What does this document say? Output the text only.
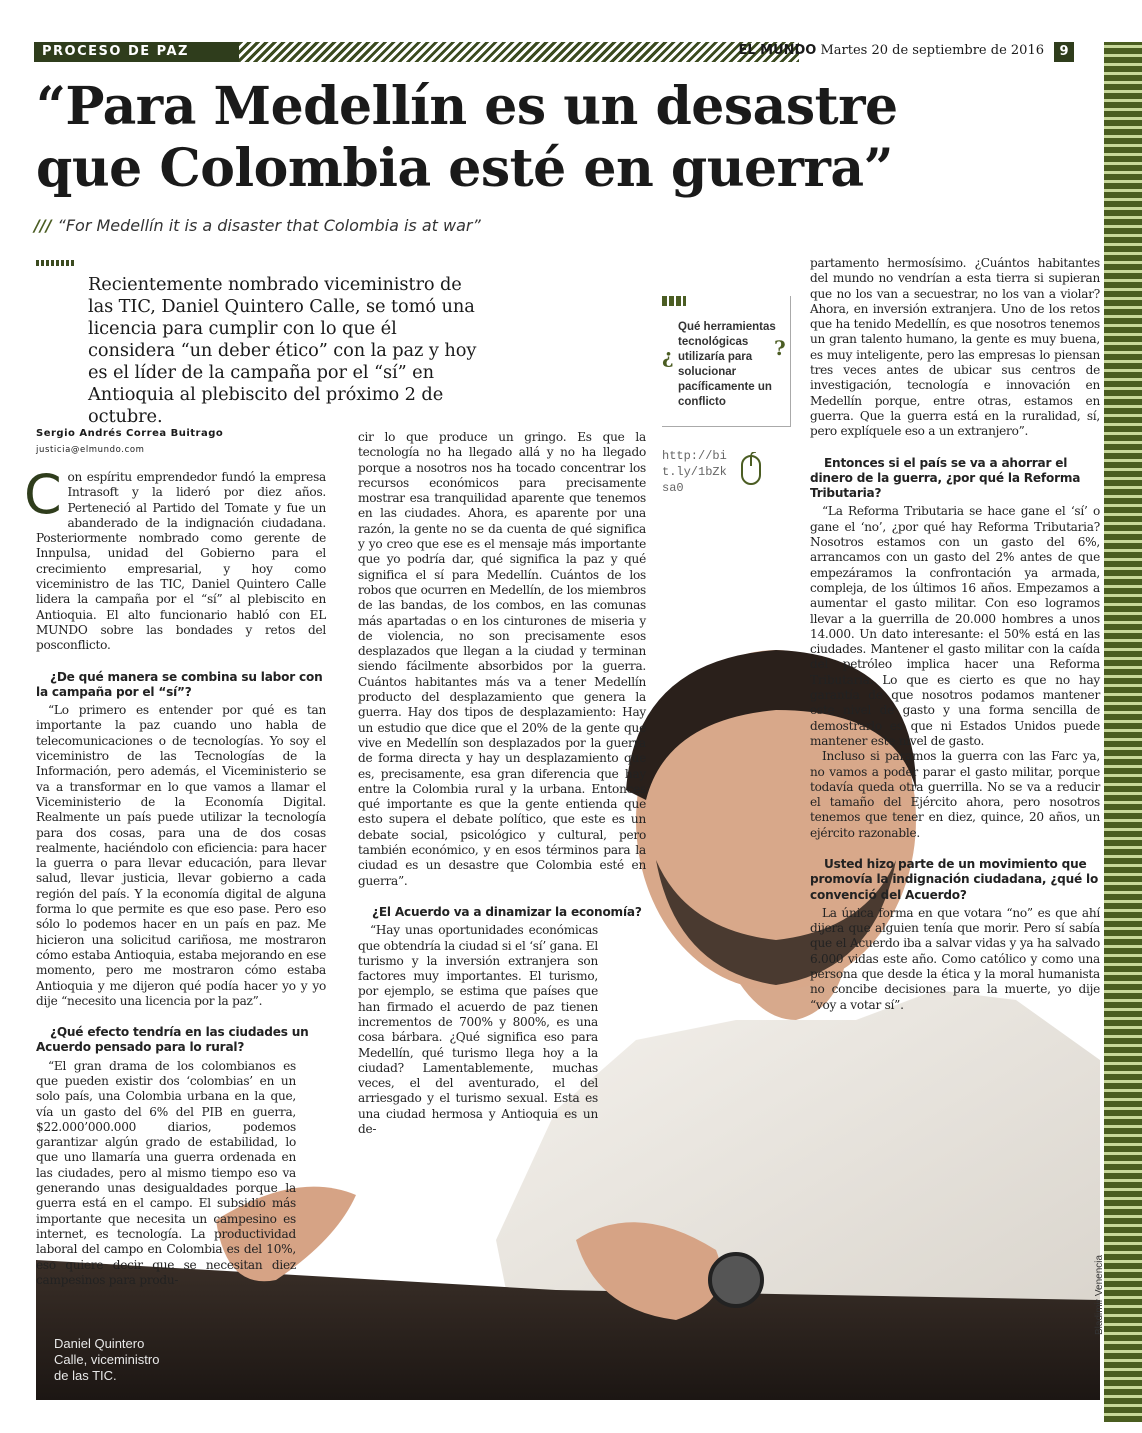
PROCESO DE PAZ	EL MUNDO Martes 20 de septiembre de 2016	9
“Para Medellín es un desastre que Colombia esté en guerra”
/// “For Medellín it is a disaster that Colombia is at war”
Recientemente nombrado viceministro de las TIC, Daniel Quintero Calle, se tomó una licencia para cumplir con lo que él considera “un deber ético” con la paz y hoy es el líder de la campaña por el “sí” en Antioquia al plebiscito del próximo 2 de octubre.
Sergio Andrés Correa Buitrago
justicia@elmundo.com
Daniel Quintero Calle, viceministro de las TIC.
Bladimir Venencia

Con espíritu emprendedor fundó la empresa Intrasoft y la lideró por diez años. Perteneció al Partido del Tomate y fue un abanderado de la indignación ciudadana. Posteriormente nombrado como gerente de Innpulsa, unidad del Gobierno para el crecimiento empresarial, y hoy como viceministro de las TIC, Daniel Quintero Calle lidera la campaña por el “sí” al plebiscito en Antioquia. El alto funcionario habló con EL MUNDO sobre las bondades y retos del posconflicto.

¿De qué manera se combina su labor con la campaña por el “sí”?

“Lo primero es entender por qué es tan importante la paz cuando uno habla de telecomunicaciones o de tecnologías. Yo soy el viceministro de las Tecnologías de la Información, pero además, el Viceministerio se va a transformar en lo que vamos a llamar el Viceministerio de la Economía Digital. Realmente un país puede utilizar la tecnología para dos cosas, para una de dos cosas realmente, haciéndolo con eficiencia: para hacer la guerra o para llevar educación, para llevar salud, llevar justicia, llevar gobierno a cada región del país. Y la economía digital de alguna forma lo que permite es que eso pase. Pero eso sólo lo podemos hacer en un país en paz. Me hicieron una solicitud cariñosa, me mostraron cómo estaba Antioquia, estaba mejorando en ese momento, pero me mostraron cómo estaba Antioquia y me dijeron qué podía hacer yo y yo dije “necesito una licencia por la paz”.

¿Qué efecto tendría en las ciudades un Acuerdo pensado para lo rural?

“El gran drama de los colombianos es que pueden existir dos ‘colombias’ en un solo país, una Colombia urbana en la que, vía un gasto del 6% del PIB en guerra, $22.000’000.000 diarios, podemos garantizar algún grado de estabilidad, lo que uno llamaría una guerra ordenada en las ciudades, pero al mismo tiempo eso va generando unas desigualdades porque la guerra está en el campo. El subsidio más importante que necesita un campesino es internet, es tecnología. La productividad laboral del campo en Colombia es del 10%, eso quiere decir que se necesitan diez campesinos para produ-

cir lo que produce un gringo. Es que la tecnología no ha llegado allá y no ha llegado porque a nosotros nos ha tocado concentrar los recursos económicos para precisamente mostrar esa tranquilidad aparente que tenemos en las ciudades. Ahora, es aparente por una razón, la gente no se da cuenta de qué significa y yo creo que ese es el mensaje más importante que yo podría dar, qué significa la paz y qué significa el sí para Medellín. Cuántos de los robos que ocurren en Medellín, de los miembros de las bandas, de los combos, en las comunas más apartadas o en los cinturones de miseria y de violencia, no son precisamente esos desplazados que llegan a la ciudad y terminan siendo fácilmente absorbidos por la guerra. Cuántos habitantes más va a tener Medellín producto del desplazamiento que genera la guerra. Hay dos tipos de desplazamiento: Hay un estudio que dice que el 20% de la gente que vive en Medellín son desplazados por la guerra de forma directa y hay un desplazamiento que es, precisamente, esa gran diferencia que hay entre la Colombia rural y la urbana. Entonces qué importante es que la gente entienda que esto supera el debate político, que este es un debate social, psicológico y cultural, pero también económico, y en esos términos para la ciudad es un desastre que Colombia esté en guerra”.

¿El Acuerdo va a dinamizar la economía?

“Hay unas oportunidades económicas que obtendría la ciudad si el ‘sí’ gana. El turismo y la inversión extranjera son factores muy importantes. El turismo, por ejemplo, se estima que países que han firmado el acuerdo de paz tienen incrementos de 700% y 800%, es una cosa bárbara. ¿Qué significa eso para Medellín, qué turismo llega hoy a la ciudad? Lamentablemente, muchas veces, el del aventurado, el del arriesgado y el turismo sexual. Esta es una ciudad hermosa y Antioquia es un de-

partamento hermosísimo. ¿Cuántos habitantes del mundo no vendrían a esta tierra si supieran que no los van a secuestrar, no los van a violar? Ahora, en inversión extranjera. Uno de los retos que ha tenido Medellín, es que nosotros tenemos un gran talento humano, la gente es muy buena, es muy inteligente, pero las empresas lo piensan tres veces antes de ubicar sus centros de investigación, tecnología e innovación en Medellín porque, entre otras, estamos en guerra. Que la guerra está en la ruralidad, sí, pero explíquele eso a un extranjero”.

Entonces si el país se va a ahorrar el dinero de la guerra, ¿por qué la Reforma Tributaria?

“La Reforma Tributaria se hace gane el ‘sí’ o gane el ‘no’, ¿por qué hay Reforma Tributaria? Nosotros estamos con un gasto del 6%, arrancamos con un gasto del 2% antes de que empezáramos la confrontación ya armada, compleja, de los últimos 16 años. Empezamos a aumentar el gasto militar. Con eso logramos llevar a la guerrilla de 20.000 hombres a unos 14.000. Un dato interesante: el 50% está en las ciudades. Mantener el gasto militar con la caída del petróleo implica hacer una Reforma Tributaria. Lo que es cierto es que no hay garantía de que nosotros podamos mantener este nivel de gasto y una forma sencilla de demostrarlo es que ni Estados Unidos puede mantener este nivel de gasto.

Incluso si paramos la guerra con las Farc ya, no vamos a poder parar el gasto militar, porque todavía queda otra guerrilla. No se va a reducir el tamaño del Ejército ahora, pero nosotros tenemos que tener en diez, quince, 20 años, un ejército razonable.

Usted hizo parte de un movimiento que promovía la indignación ciudadana, ¿qué lo convenció del Acuerdo?

La única forma en que votara “no” es que ahí dijera que alguien tenía que morir. Pero sí sabía que el Acuerdo iba a salvar vidas y ya ha salvado 6.000 vidas este año. Como católico y como una persona que desde la ética y la moral humanista no concibe decisiones para la muerte, yo dije “voy a votar sí”.

¿	?
Qué herramientas tecnológicas utilizaría para solucionar pacíficamente un conflicto
http://bit.ly/1bZksa0
